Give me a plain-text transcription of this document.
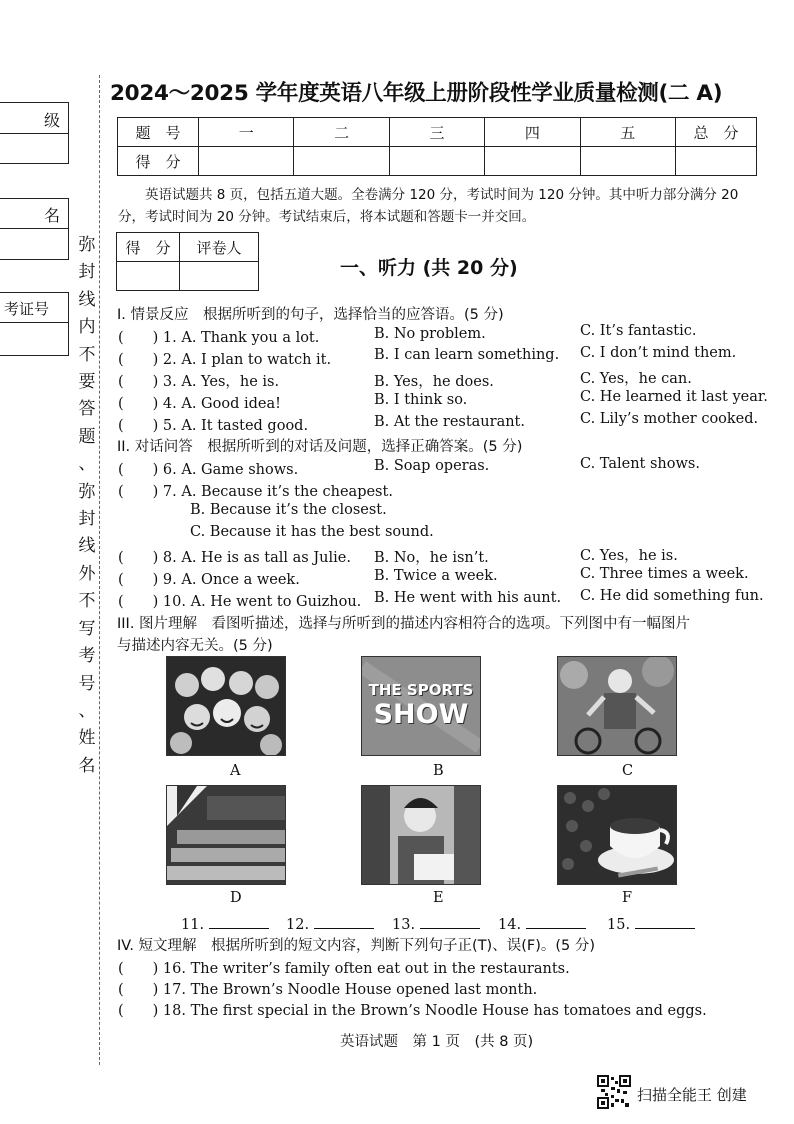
级
名
考证号
弥
封
线
内
不
要
答
题
、
弥
封
线
外
不
写
考
号
、
姓
名
2024～2025 学年度英语八年级上册阶段性学业质量检测(二 A)
题　号	一	二	三	四	五	总　分
得　分						
英语试题共 8 页，包括五道大题。全卷满分 120 分，考试时间为 120 分钟。其中听力部分满分 20 分，考试时间为 20 分钟。考试结束后，将本试题和答题卡一并交回。
得　分	评卷人

一、听力 (共 20 分)
I. 情景反应　根据所听到的句子，选择恰当的应答语。(5 分)
(　　) 1. A. Thank you a lot.	B. No problem.	C. It’s fantastic.
(　　) 2. A. I plan to watch it.	B. I can learn something. C. I don’t mind them.
(　　) 3. A. Yes，he is.	B. Yes，he does.	C. Yes，he can.
(　　) 4. A. Good idea!	B. I think so.	C. He learned it last year.
(　　) 5. A. It tasted good.	B. At the restaurant.	C. Lily’s mother cooked.
II. 对话问答　根据所听到的对话及问题，选择正确答案。(5 分)
(　　) 6. A. Game shows.	B. Soap operas.	C. Talent shows.
(　　) 7. A. Because it’s the cheapest.
B. Because it’s the closest.
C. Because it has the best sound.
(　　) 8. A. He is as tall as Julie. B. No，he isn’t.	C. Yes，he is.
(　　) 9. A. Once a week.	B. Twice a week.	C. Three times a week.
(　　) 10. A. He went to Guizhou. B. He went with his aunt. C. He did something fun.
III. 图片理解　看图听描述，选择与所听到的描述内容相符合的选项。下列图中有一幅图片
与描述内容无关。(5 分)
A
THE SPORTS
SHOW
B	C
D	E	F
11.	12.	13.	14.	15.
IV. 短文理解　根据所听到的短文内容，判断下列句子正(T)、误(F)。(5 分)
(　　) 16. The writer’s family often eat out in the restaurants.
(　　) 17. The Brown’s Noodle House opened last month.
(　　) 18. The first special in the Brown’s Noodle House has tomatoes and eggs.
英语试题　第 1 页　(共 8 页)
扫描全能王 创建
